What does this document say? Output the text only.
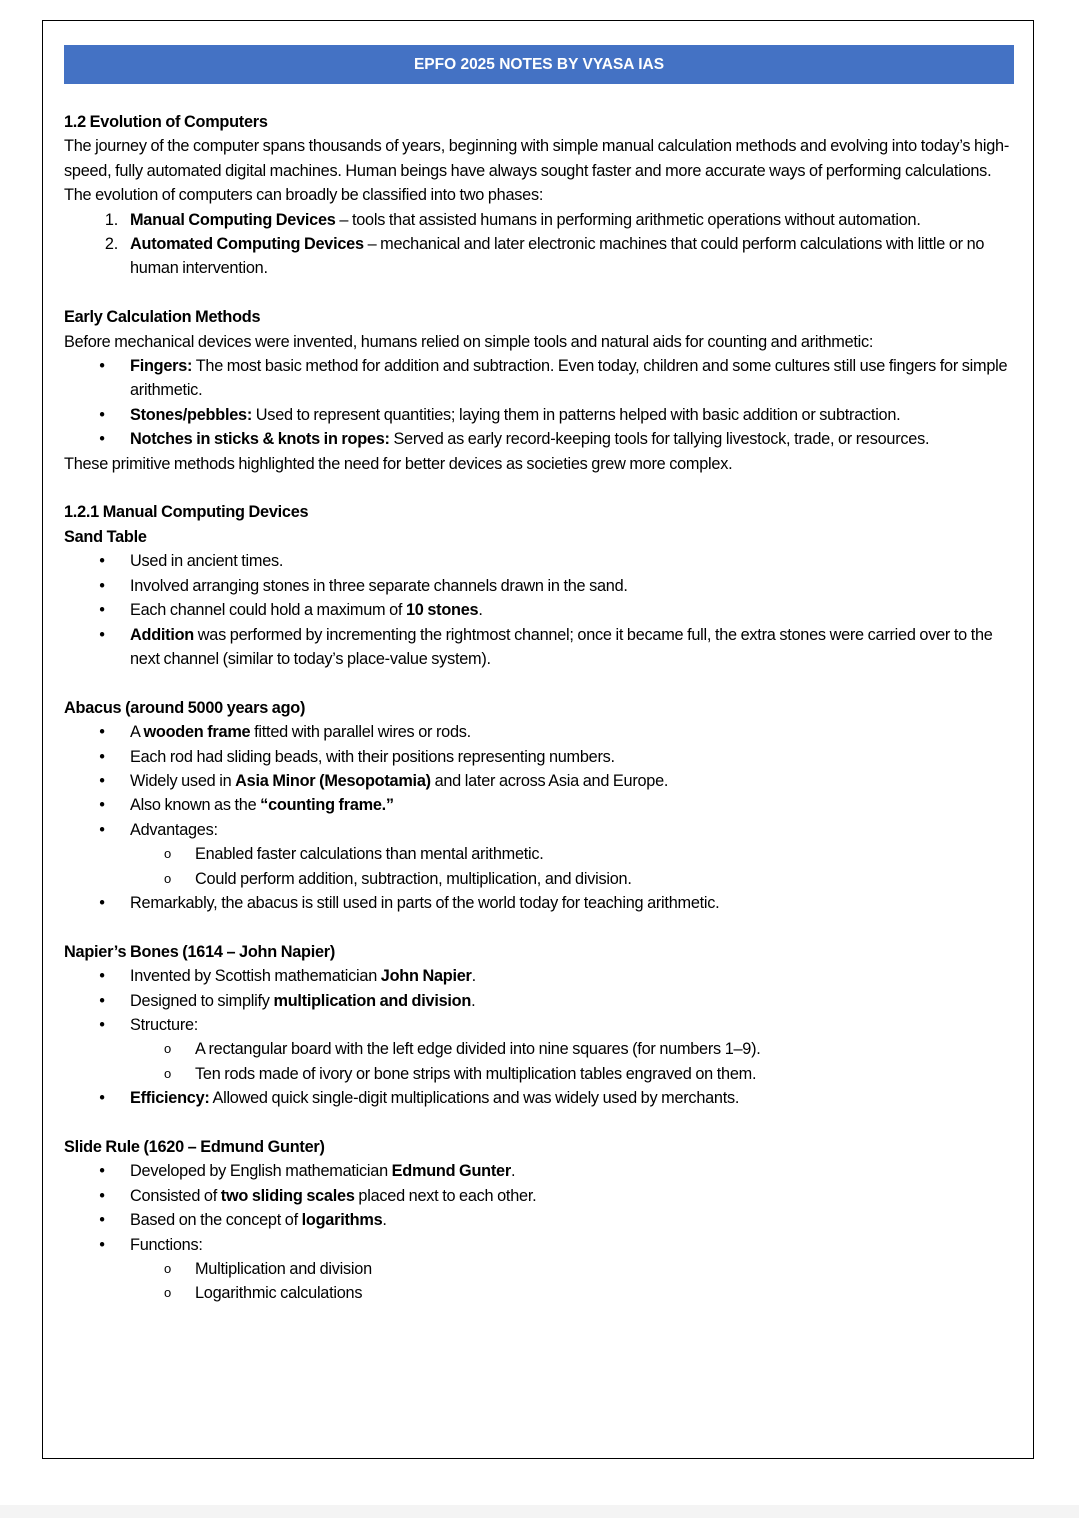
EPFO 2025 NOTES BY VYASA IAS

1.2 Evolution of Computers

The journey of the computer spans thousands of years, beginning with simple manual calculation methods and evolving into today’s high-speed, fully automated digital machines. Human beings have always sought faster and more accurate ways of performing calculations. The evolution of computers can broadly be classified into two phases:

1. Manual Computing Devices – tools that assisted humans in performing arithmetic operations without automation.
2. Automated Computing Devices – mechanical and later electronic machines that could perform calculations with little or no human intervention.

Early Calculation Methods

Before mechanical devices were invented, humans relied on simple tools and natural aids for counting and arithmetic:

• Fingers: The most basic method for addition and subtraction. Even today, children and some cultures still use fingers for simple arithmetic.
• Stones/pebbles: Used to represent quantities; laying them in patterns helped with basic addition or subtraction.
• Notches in sticks & knots in ropes: Served as early record-keeping tools for tallying livestock, trade, or resources.

These primitive methods highlighted the need for better devices as societies grew more complex.

1.2.1 Manual Computing Devices

Sand Table

• Used in ancient times.
• Involved arranging stones in three separate channels drawn in the sand.
• Each channel could hold a maximum of 10 stones.
• Addition was performed by incrementing the rightmost channel; once it became full, the extra stones were carried over to the next channel (similar to today’s place-value system).

Abacus (around 5000 years ago)

• A wooden frame fitted with parallel wires or rods.
• Each rod had sliding beads, with their positions representing numbers.
• Widely used in Asia Minor (Mesopotamia) and later across Asia and Europe.
• Also known as the “counting frame.”
• Advantages:
o Enabled faster calculations than mental arithmetic.
o Could perform addition, subtraction, multiplication, and division.
• Remarkably, the abacus is still used in parts of the world today for teaching arithmetic.

Napier’s Bones (1614 – John Napier)

• Invented by Scottish mathematician John Napier.
• Designed to simplify multiplication and division.
• Structure:
o A rectangular board with the left edge divided into nine squares (for numbers 1–9).
o Ten rods made of ivory or bone strips with multiplication tables engraved on them.
• Efficiency: Allowed quick single-digit multiplications and was widely used by merchants.

Slide Rule (1620 – Edmund Gunter)

• Developed by English mathematician Edmund Gunter.
• Consisted of two sliding scales placed next to each other.
• Based on the concept of logarithms.
• Functions:
o Multiplication and division
o Logarithmic calculations
